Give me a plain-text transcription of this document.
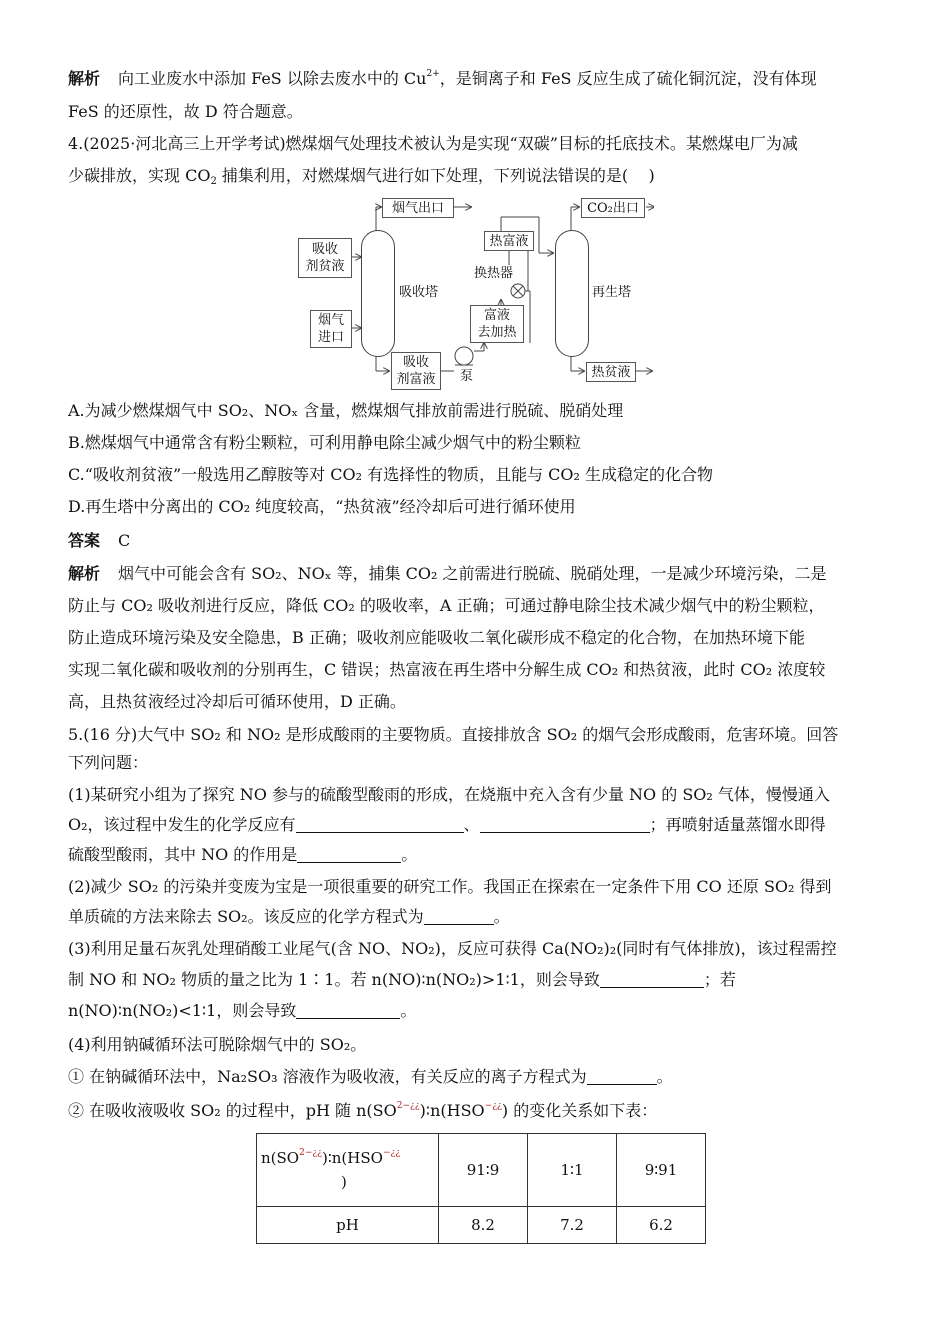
解析 向工业废水中添加 FeS 以除去废水中的 $Cu^{2+}$，是铜离子和 FeS 反应生成了硫化铜沉淀，没有体现
FeS 的还原性，故 D 符合题意。
4.(2025·河北高三上开学考试)燃煤烟气处理技术被认为是实现“双碳”目标的托底技术。某燃煤电厂为减
少碳排放，实现 $CO_2$ 捕集利用，对燃煤烟气进行如下处理，下列说法错误的是(    )
烟气出口
吸收
剂贫液
吸收塔
烟气
进口
吸收
剂富液	泵
富液
去加热
换热器
热富液
CO₂出口
再生塔
热贫液
A.为减少燃煤烟气中 SO₂、NOₓ 含量，燃煤烟气排放前需进行脱硫、脱硝处理
B.燃煤烟气中通常含有粉尘颗粒，可利用静电除尘减少烟气中的粉尘颗粒
C.“吸收剂贫液”一般选用乙醇胺等对 CO₂ 有选择性的物质，且能与 CO₂ 生成稳定的化合物
D.再生塔中分离出的 CO₂ 纯度较高，“热贫液”经冷却后可进行循环使用
答案 C
解析 烟气中可能会含有 SO₂、NOₓ 等，捕集 CO₂ 之前需进行脱硫、脱硝处理，一是减少环境污染，二是
防止与 CO₂ 吸收剂进行反应，降低 CO₂ 的吸收率，A 正确；可通过静电除尘技术减少烟气中的粉尘颗粒，
防止造成环境污染及安全隐患，B 正确；吸收剂应能吸收二氧化碳形成不稳定的化合物，在加热环境下能
实现二氧化碳和吸收剂的分别再生，C 错误；热富液在再生塔中分解生成 CO₂ 和热贫液，此时 CO₂ 浓度较
高，且热贫液经过冷却后可循环使用，D 正确。
5.(16 分)大气中 SO₂ 和 NO₂ 是形成酸雨的主要物质。直接排放含 SO₂ 的烟气会形成酸雨，危害环境。回答
下列问题：
(1)某研究小组为了探究 NO 参与的硫酸型酸雨的形成，在烧瓶中充入含有少量 NO 的 SO₂ 气体，慢慢通入
O₂，该过程中发生的化学反应有	、	；再喷射适量蒸馏水即得
硫酸型酸雨，其中 NO 的作用是	。
(2)减少 SO₂ 的污染并变废为宝是一项很重要的研究工作。我国正在探索在一定条件下用 CO 还原 SO₂ 得到
单质硫的方法来除去 SO₂。该反应的化学方程式为	。
(3)利用足量石灰乳处理硝酸工业尾气(含 NO、NO₂)，反应可获得 Ca(NO₂)₂(同时有气体排放)，该过程需控
制 NO 和 NO₂ 物质的量之比为 1∶1。若 n(NO)∶n(NO₂)>1∶1，则会导致	；若
n(NO)∶n(NO₂)<1∶1，则会导致	。
(4)利用钠碱循环法可脱除烟气中的 SO₂。
① 在钠碱循环法中，Na₂SO₃ 溶液作为吸收液，有关反应的离子方程式为	。
② 在吸收液吸收 SO₂ 的过程中，pH 随 $n(SO^{2-¿¿})∶n(HSO^{-¿¿})$ 的变化关系如下表：
$n(SO^{2-¿¿})∶n(HSO^{-¿¿}$
)	91∶9	1∶1	9∶91
pH	8.2	7.2	6.2
